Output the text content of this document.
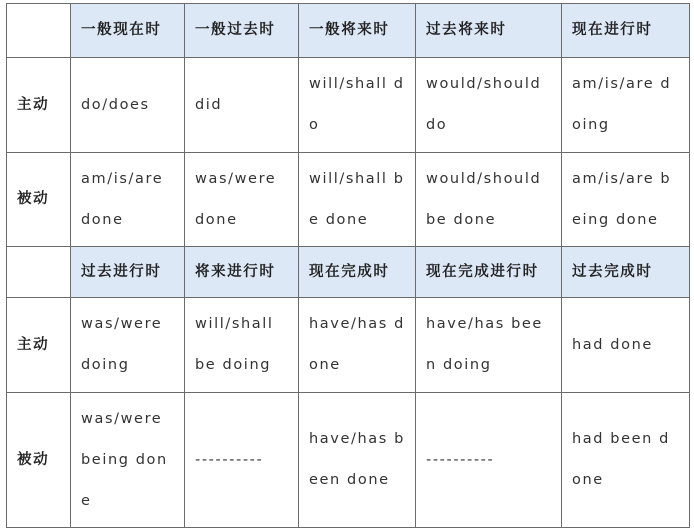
	一般现在时	一般过去时	一般将来时	过去将来时	现在进行时
主动	do/does	did	will/shall do	would/should do	am/is/are doing
被动	am/is/are done	was/were done	will/shall be done	would/should be done	am/is/are being done
	过去进行时	将来进行时	现在完成时	现在完成进行时	过去完成时
主动	was/were doing	will/shall be doing	have/has done	have/has been doing	had done
被动	was/were being done	----------	have/has been done	----------	had been done
